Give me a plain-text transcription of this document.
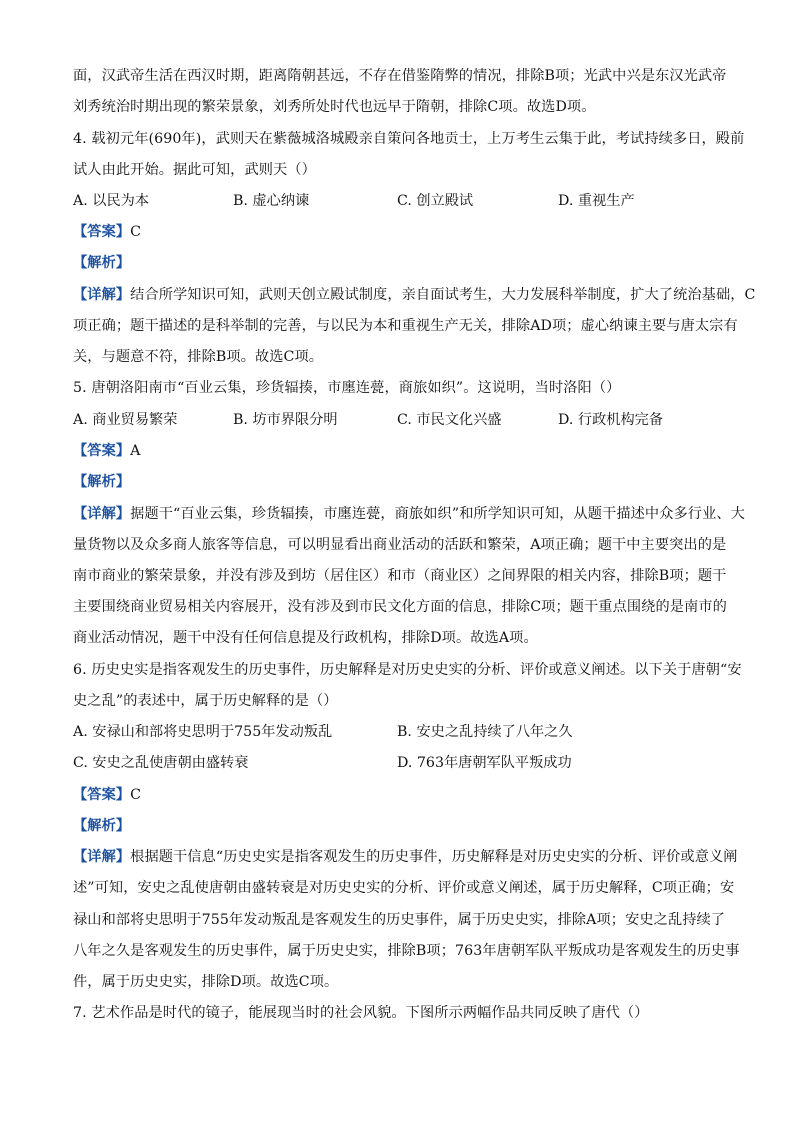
面，汉武帝生活在西汉时期，距离隋朝甚远，不存在借鉴隋弊的情况，排除B项；光武中兴是东汉光武帝
刘秀统治时期出现的繁荣景象，刘秀所处时代也远早于隋朝，排除C项。故选D项。
4. 载初元年(690年)，武则天在紫薇城洛城殿亲自策问各地贡士，上万考生云集于此，考试持续多日，殿前
试人由此开始。据此可知，武则天（）
A. 以民为本	B. 虚心纳谏	C. 创立殿试	D. 重视生产
【答案】C
【解析】
【详解】结合所学知识可知，武则天创立殿试制度，亲自面试考生，大力发展科举制度，扩大了统治基础，C
项正确；题干描述的是科举制的完善，与以民为本和重视生产无关，排除AD项；虚心纳谏主要与唐太宗有
关，与题意不符，排除B项。故选C项。
5. 唐朝洛阳南市“百业云集，珍货辐揍，市廛连甍，商旅如织”。这说明，当时洛阳（）
A. 商业贸易繁荣	B. 坊市界限分明	C. 市民文化兴盛	D. 行政机构完备
【答案】A
【解析】
【详解】据题干“百业云集，珍货辐揍，市廛连甍，商旅如织”和所学知识可知，从题干描述中众多行业、大
量货物以及众多商人旅客等信息，可以明显看出商业活动的活跃和繁荣，A项正确；题干中主要突出的是
南市商业的繁荣景象，并没有涉及到坊（居住区）和市（商业区）之间界限的相关内容，排除B项；题干
主要围绕商业贸易相关内容展开，没有涉及到市民文化方面的信息，排除C项；题干重点围绕的是南市的
商业活动情况，题干中没有任何信息提及行政机构，排除D项。故选A项。
6. 历史史实是指客观发生的历史事件，历史解释是对历史史实的分析、评价或意义阐述。以下关于唐朝“安
史之乱”的表述中，属于历史解释的是（）
A. 安禄山和部将史思明于755年发动叛乱	B. 安史之乱持续了八年之久
C. 安史之乱使唐朝由盛转衰	D. 763年唐朝军队平叛成功
【答案】C
【解析】
【详解】根据题干信息“历史史实是指客观发生的历史事件，历史解释是对历史史实的分析、评价或意义阐
述”可知，安史之乱使唐朝由盛转衰是对历史史实的分析、评价或意义阐述，属于历史解释，C项正确；安
禄山和部将史思明于755年发动叛乱是客观发生的历史事件，属于历史史实，排除A项；安史之乱持续了
八年之久是客观发生的历史事件，属于历史史实，排除B项；763年唐朝军队平叛成功是客观发生的历史事
件，属于历史史实，排除D项。故选C项。
7. 艺术作品是时代的镜子，能展现当时的社会风貌。下图所示两幅作品共同反映了唐代（）
